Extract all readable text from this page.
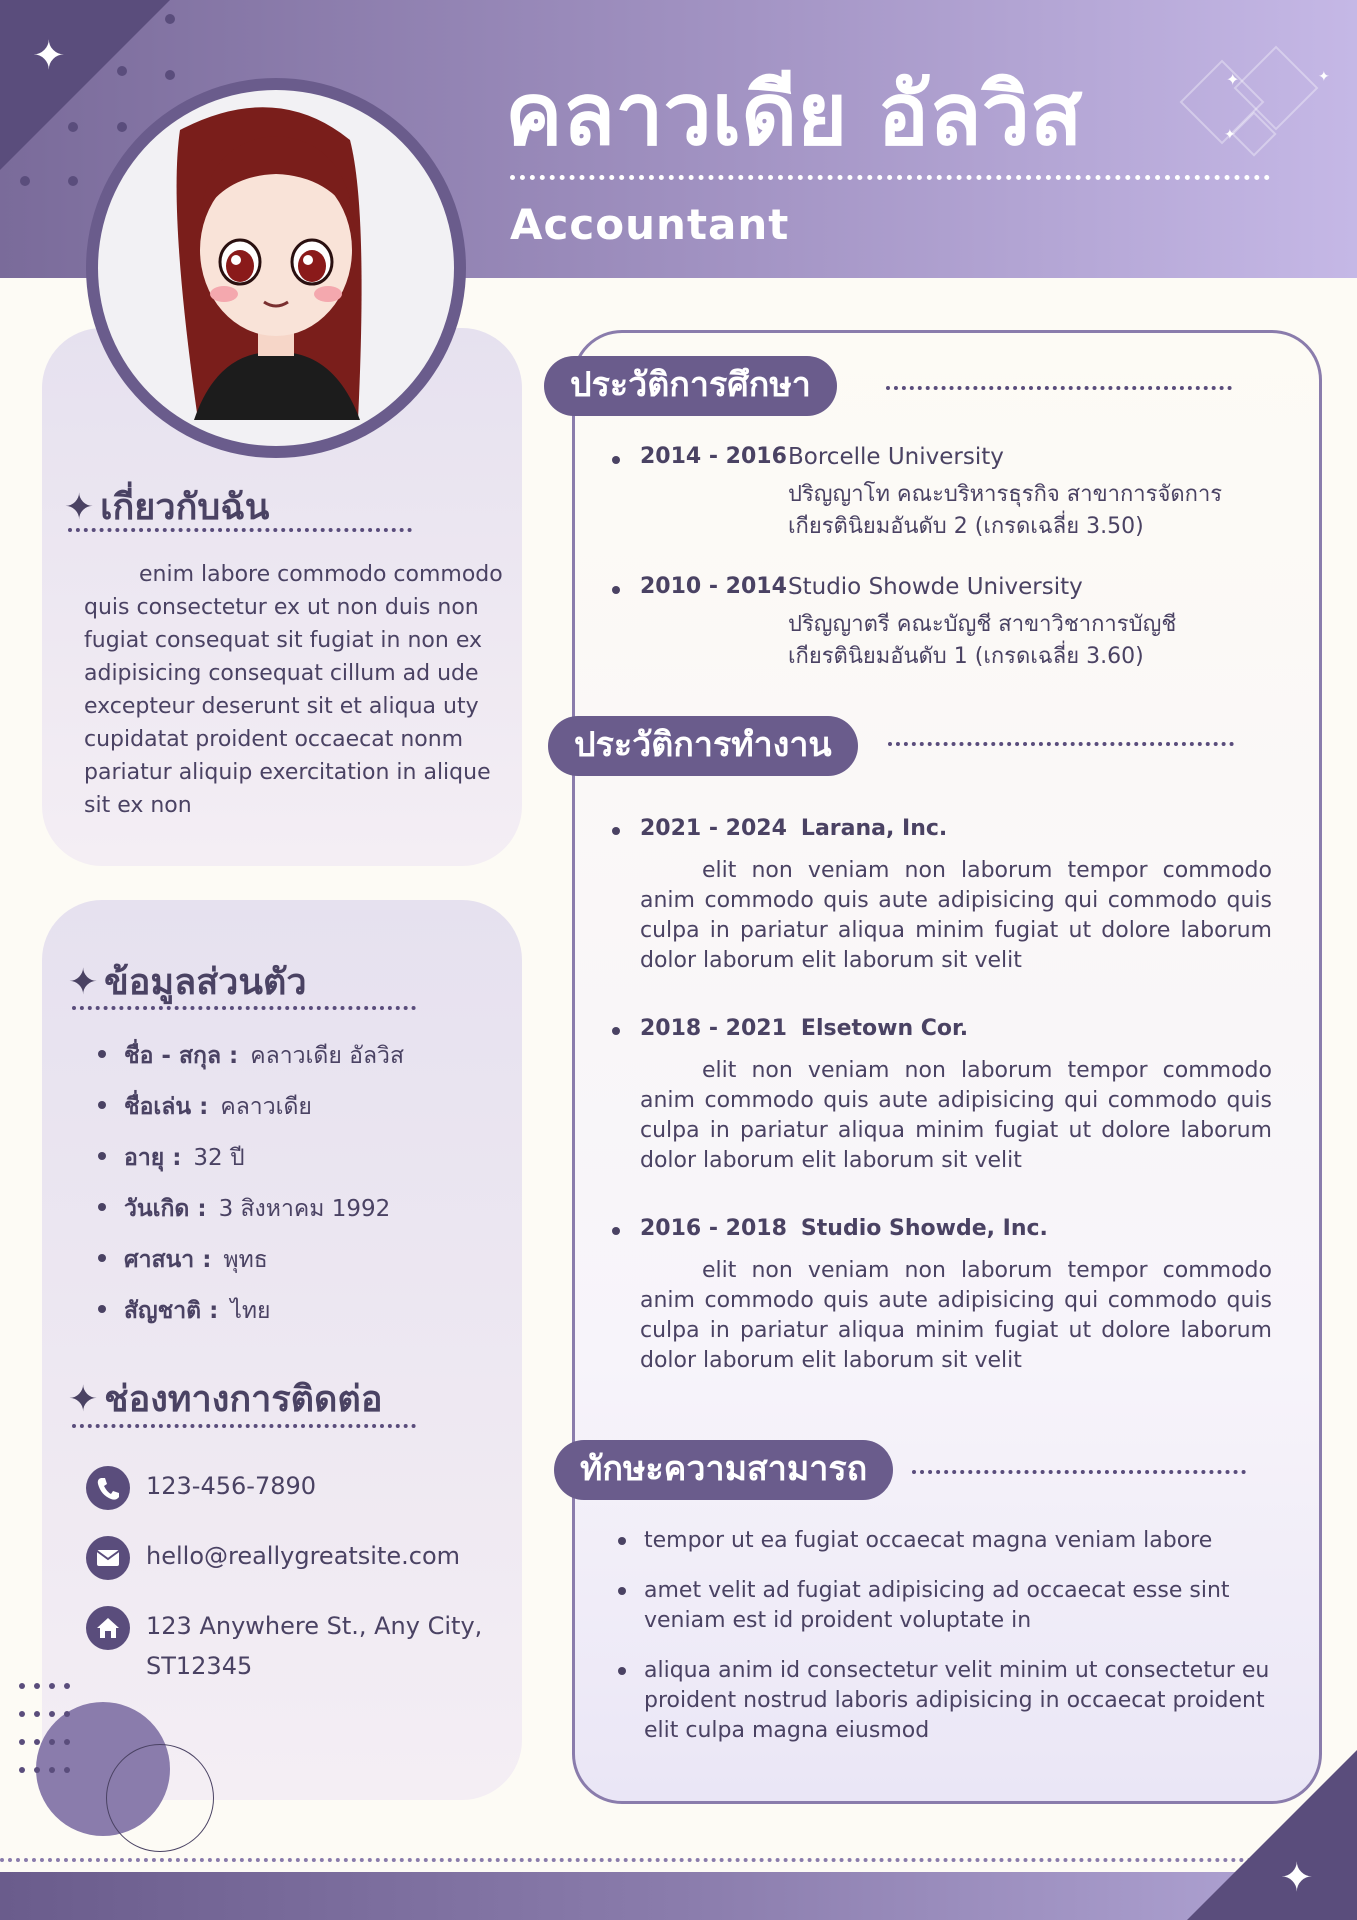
✦
✦	✦
✦
คลาวเดีย อัลวิส
Accountant
✦ เกี่ยวกับฉัน
enim labore commodo commodo quis consectetur ex ut non duis non fugiat consequat sit fugiat in non ex adipisicing consequat cillum ad ude excepteur deserunt sit et aliqua uty cupidatat proident occaecat nonm pariatur aliquip exercitation in alique sit ex non
✦ ข้อมูลส่วนตัว
ชื่อ - สกุล : คลาวเดีย อัลวิส
ชื่อเล่น : คลาวเดีย
อายุ : 32 ปี
วันเกิด : 3 สิงหาคม 1992
ศาสนา : พุทธ
สัญชาติ : ไทย
✦ ช่องทางการติดต่อ
123-456-7890
hello@reallygreatsite.com
123 Anywhere St., Any City,
ST12345
ประวัติการศึกษา
2014 - 2016 Borcelle University
ปริญญาโท คณะบริหารธุรกิจ สาขาการจัดการ
เกียรตินิยมอันดับ 2 (เกรดเฉลี่ย 3.50)
2010 - 2014 Studio Showde University
ปริญญาตรี คณะบัญชี สาขาวิชาการบัญชี
เกียรตินิยมอันดับ 1 (เกรดเฉลี่ย 3.60)
ประวัติการทำงาน
2021 - 2024 Larana, Inc.
elit non veniam non laborum tempor commodo anim commodo quis aute adipisicing qui commodo quis culpa in pariatur aliqua minim fugiat ut dolore laborum dolor laborum elit laborum sit velit
2018 - 2021 Elsetown Cor.
elit non veniam non laborum tempor commodo anim commodo quis aute adipisicing qui commodo quis culpa in pariatur aliqua minim fugiat ut dolore laborum dolor laborum elit laborum sit velit
2016 - 2018 Studio Showde, Inc.
elit non veniam non laborum tempor commodo anim commodo quis aute adipisicing qui commodo quis culpa in pariatur aliqua minim fugiat ut dolore laborum dolor laborum elit laborum sit velit
ทักษะความสามารถ
tempor ut ea fugiat occaecat magna veniam labore
amet velit ad fugiat adipisicing ad occaecat esse sint veniam est id proident voluptate in
aliqua anim id consectetur velit minim ut consectetur eu proident nostrud laboris adipisicing in occaecat proident elit culpa magna eiusmod
✦
